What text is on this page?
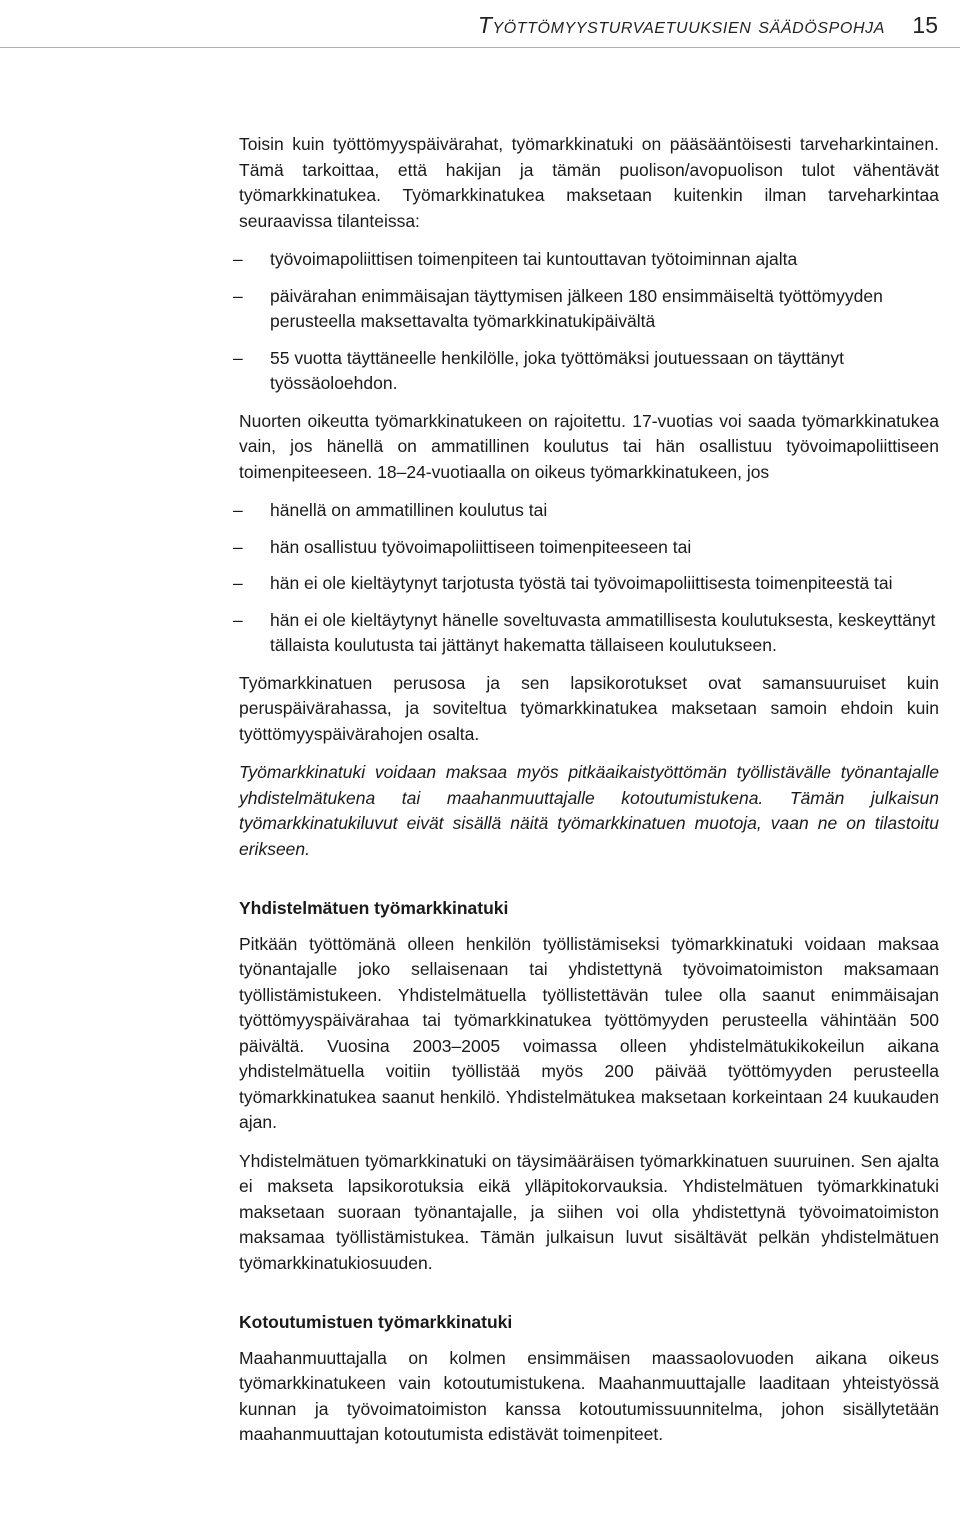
Työttömyysturvaetuuksien säädöspohja 15

Toisin kuin työttömyyspäivärahat, työmarkkinatuki on pääsääntöisesti tarveharkintainen. Tämä tarkoittaa, että hakijan ja tämän puolison/avopuolison tulot vähentävät työmarkkinatukea. Työmarkkinatukea maksetaan kuitenkin ilman tarveharkintaa seuraavissa tilanteissa:

– työvoimapoliittisen toimenpiteen tai kuntouttavan työtoiminnan ajalta
– päivärahan enimmäisajan täyttymisen jälkeen 180 ensimmäiseltä työttömyyden perusteella maksettavalta työmarkkinatukipäivältä
– 55 vuotta täyttäneelle henkilölle, joka työttömäksi joutuessaan on täyttänyt työssäoloehdon.

Nuorten oikeutta työmarkkinatukeen on rajoitettu. 17-vuotias voi saada työmarkkinatukea vain, jos hänellä on ammatillinen koulutus tai hän osallistuu työvoimapoliittiseen toimenpiteeseen. 18–24-vuotiaalla on oikeus työmarkkinatukeen, jos

– hänellä on ammatillinen koulutus tai
– hän osallistuu työvoimapoliittiseen toimenpiteeseen tai
– hän ei ole kieltäytynyt tarjotusta työstä tai työvoimapoliittisesta toimenpiteestä tai
– hän ei ole kieltäytynyt hänelle soveltuvasta ammatillisesta koulutuksesta, keskeyttänyt tällaista koulutusta tai jättänyt hakematta tällaiseen koulutukseen.

Työmarkkinatuen perusosa ja sen lapsikorotukset ovat samansuuruiset kuin peruspäivärahassa, ja soviteltua työmarkkinatukea maksetaan samoin ehdoin kuin työttömyyspäivärahojen osalta.

Työmarkkinatuki voidaan maksaa myös pitkäaikaistyöttömän työllistävälle työnantajalle yhdistelmätukena tai maahanmuuttajalle kotoutumistukena. Tämän julkaisun työmarkkinatukiluvut eivät sisällä näitä työmarkkinatuen muotoja, vaan ne on tilastoitu erikseen.

Yhdistelmätuen työmarkkinatuki

Pitkään työttömänä olleen henkilön työllistämiseksi työmarkkinatuki voidaan maksaa työnantajalle joko sellaisenaan tai yhdistettynä työvoimatoimiston maksamaan työllistämistukeen. Yhdistelmätuella työllistettävän tulee olla saanut enimmäisajan työttömyyspäivärahaa tai työmarkkinatukea työttömyyden perusteella vähintään 500 päivältä. Vuosina 2003–2005 voimassa olleen yhdistelmätukikokeilun aikana yhdistelmätuella voitiin työllistää myös 200 päivää työttömyyden perusteella työmarkkinatukea saanut henkilö. Yhdistelmätukea maksetaan korkeintaan 24 kuukauden ajan.

Yhdistelmätuen työmarkkinatuki on täysimääräisen työmarkkinatuen suuruinen. Sen ajalta ei makseta lapsikorotuksia eikä ylläpitokorvauksia. Yhdistelmätuen työmarkkinatuki maksetaan suoraan työnantajalle, ja siihen voi olla yhdistettynä työvoimatoimiston maksamaa työllistämistukea. Tämän julkaisun luvut sisältävät pelkän yhdistelmätuen työmarkkinatukiosuuden.

Kotoutumistuen työmarkkinatuki

Maahanmuuttajalla on kolmen ensimmäisen maassaolovuoden aikana oikeus työmarkkinatukeen vain kotoutumistukena. Maahanmuuttajalle laaditaan yhteistyössä kunnan ja työvoimatoimiston kanssa kotoutumissuunnitelma, johon sisällytetään maahanmuuttajan kotoutumista edistävät toimenpiteet.
